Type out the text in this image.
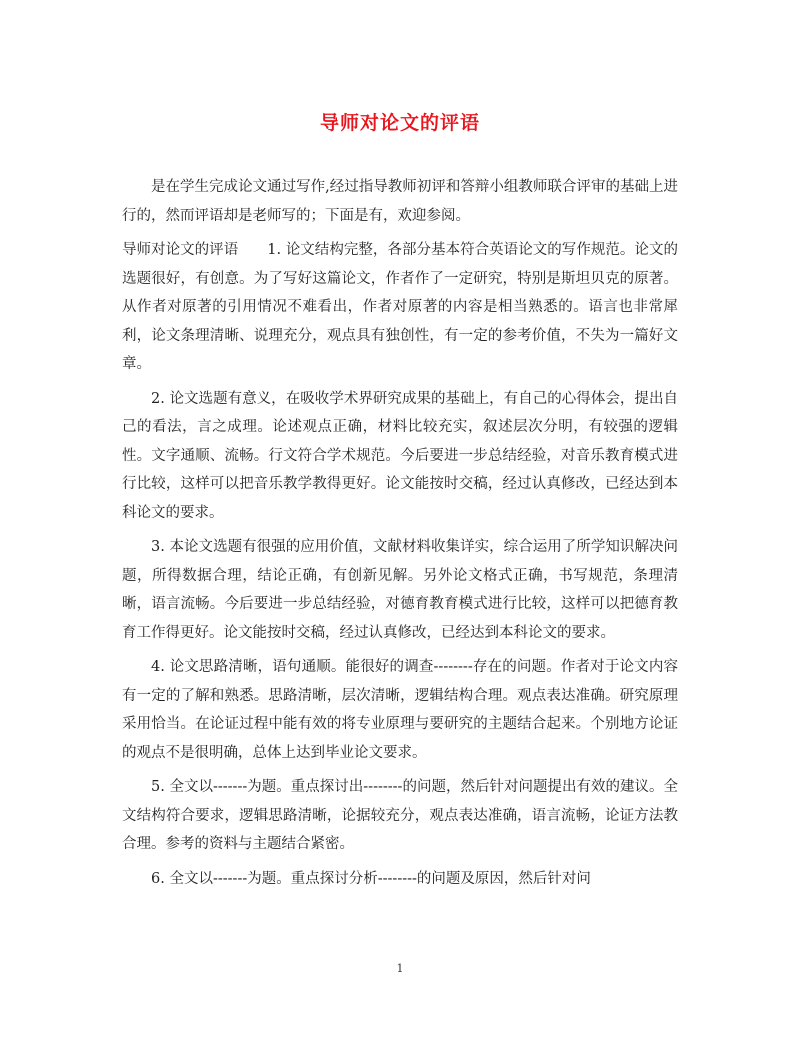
导师对论文的评语

是在学生完成论文通过写作,经过指导教师初评和答辩小组教师联合评审的基础上进行的，然而评语却是老师写的；下面是有，欢迎参阅。

导师对论文的评语　　1. 论文结构完整，各部分基本符合英语论文的写作规范。论文的选题很好，有创意。为了写好这篇论文，作者作了一定研究，特别是斯坦贝克的原著。从作者对原著的引用情况不难看出，作者对原著的内容是相当熟悉的。语言也非常犀利，论文条理清晰、说理充分，观点具有独创性，有一定的参考价值，不失为一篇好文章。

2. 论文选题有意义，在吸收学术界研究成果的基础上，有自己的心得体会，提出自己的看法，言之成理。论述观点正确，材料比较充实，叙述层次分明，有较强的逻辑性。文字通顺、流畅。行文符合学术规范。今后要进一步总结经验，对音乐教育模式进行比较，这样可以把音乐教学教得更好。论文能按时交稿，经过认真修改，已经达到本科论文的要求。

3. 本论文选题有很强的应用价值，文献材料收集详实，综合运用了所学知识解决问题，所得数据合理，结论正确，有创新见解。另外论文格式正确，书写规范，条理清晰，语言流畅。今后要进一步总结经验，对德育教育模式进行比较，这样可以把德育教育工作得更好。论文能按时交稿，经过认真修改，已经达到本科论文的要求。

4. 论文思路清晰，语句通顺。能很好的调查--------存在的问题。作者对于论文内容有一定的了解和熟悉。思路清晰，层次清晰，逻辑结构合理。观点表达准确。研究原理采用恰当。在论证过程中能有效的将专业原理与要研究的主题结合起来。个别地方论证的观点不是很明确，总体上达到毕业论文要求。

5. 全文以-------为题。重点探讨出--------的问题，然后针对问题提出有效的建议。全文结构符合要求，逻辑思路清晰，论据较充分，观点表达准确，语言流畅，论证方法教合理。参考的资料与主题结合紧密。

6. 全文以-------为题。重点探讨分析--------的问题及原因，然后针对问

1
